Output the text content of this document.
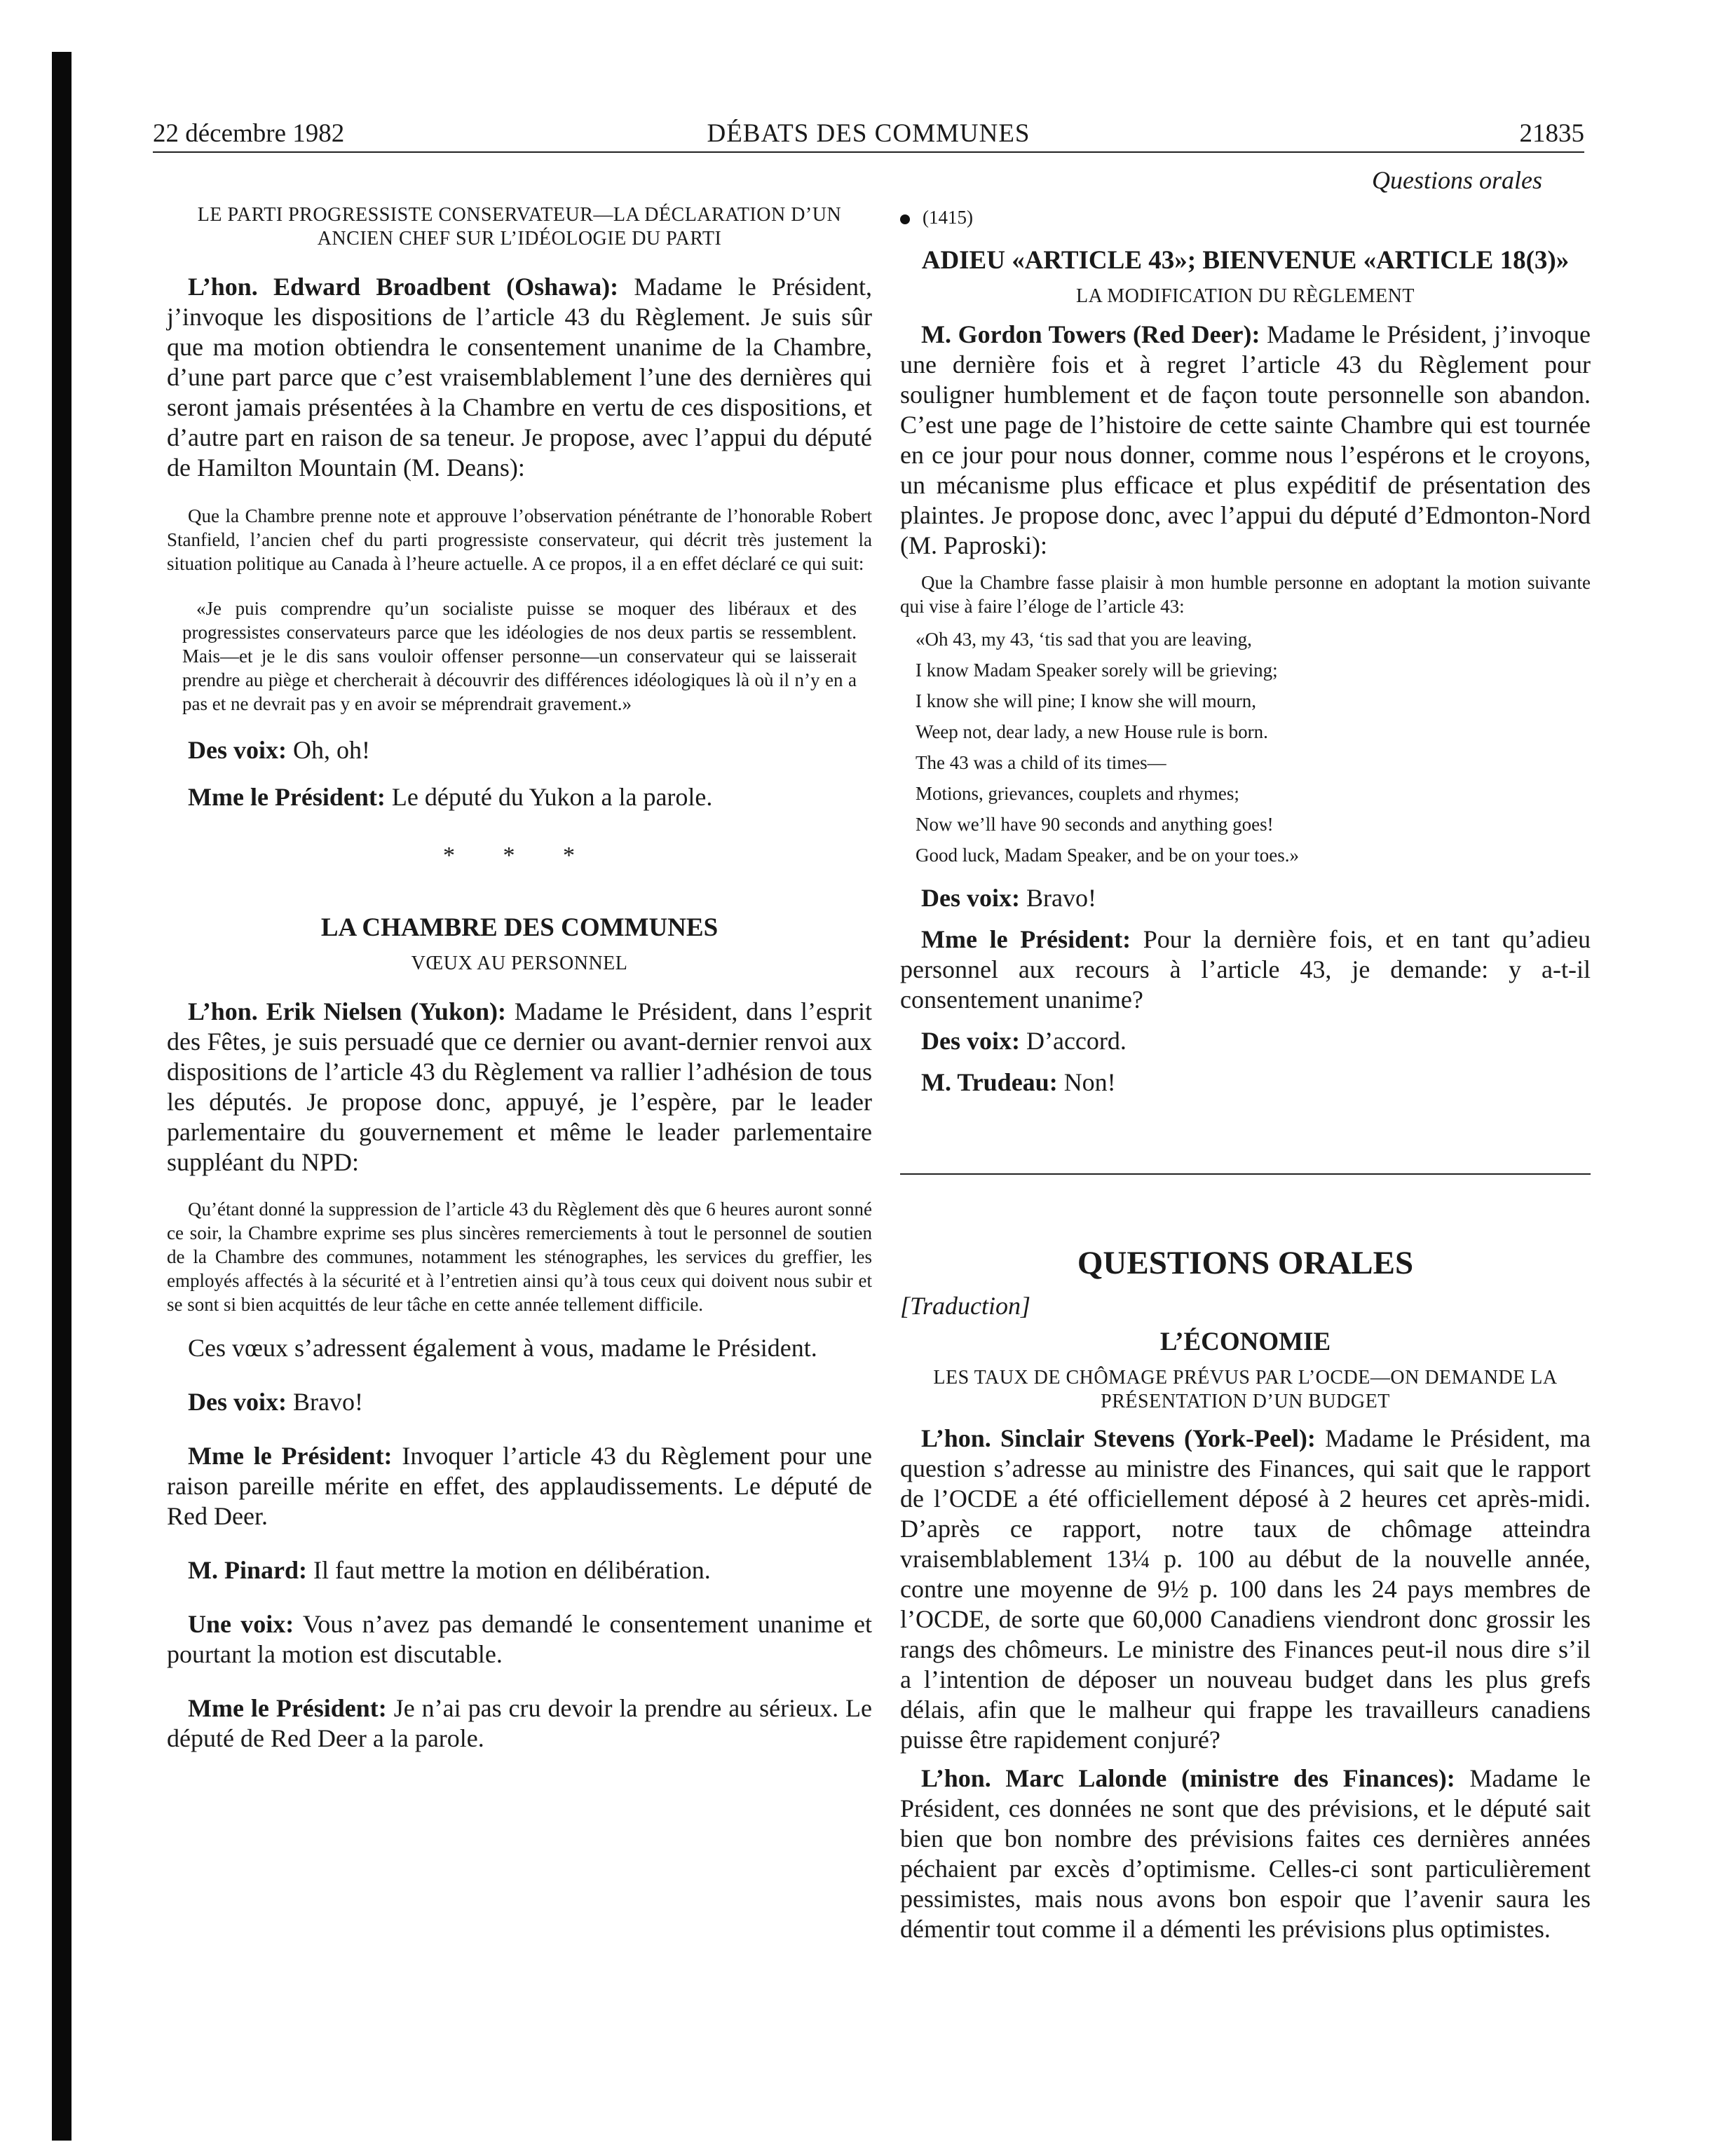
22 décembre 1982	DÉBATS DES COMMUNES	21835
Questions orales

LE PARTI PROGRESSISTE CONSERVATEUR—LA DÉCLARATION D’UN ANCIEN CHEF SUR L’IDÉOLOGIE DU PARTI

L’hon. Edward Broadbent (Oshawa): Madame le Président, j’invoque les dispositions de l’article 43 du Règlement. Je suis sûr que ma motion obtiendra le consentement unanime de la Chambre, d’une part parce que c’est vraisemblablement l’une des dernières qui seront jamais présentées à la Chambre en vertu de ces dispositions, et d’autre part en raison de sa teneur. Je propose, avec l’appui du député de Hamilton Mountain (M. Deans):

Que la Chambre prenne note et approuve l’observation pénétrante de l’honorable Robert Stanfield, l’ancien chef du parti progressiste conservateur, qui décrit très justement la situation politique au Canada à l’heure actuelle. A ce propos, il a en effet déclaré ce qui suit:

«Je puis comprendre qu’un socialiste puisse se moquer des libéraux et des progressistes conservateurs parce que les idéologies de nos deux partis se ressemblent. Mais—et je le dis sans vouloir offenser personne—un conservateur qui se laisserait prendre au piège et chercherait à découvrir des différences idéologiques là où il n’y en a pas et ne devrait pas y en avoir se méprendrait gravement.»

Des voix: Oh, oh!

Mme le Président: Le député du Yukon a la parole.

* * *

LA CHAMBRE DES COMMUNES

VŒUX AU PERSONNEL

L’hon. Erik Nielsen (Yukon): Madame le Président, dans l’esprit des Fêtes, je suis persuadé que ce dernier ou avant-dernier renvoi aux dispositions de l’article 43 du Règlement va rallier l’adhésion de tous les députés. Je propose donc, appuyé, je l’espère, par le leader parlementaire du gouvernement et même le leader parlementaire suppléant du NPD:

Qu’étant donné la suppression de l’article 43 du Règlement dès que 6 heures auront sonné ce soir, la Chambre exprime ses plus sincères remerciements à tout le personnel de soutien de la Chambre des communes, notamment les sténographes, les services du greffier, les employés affectés à la sécurité et à l’entretien ainsi qu’à tous ceux qui doivent nous subir et se sont si bien acquittés de leur tâche en cette année tellement difficile.

Ces vœux s’adressent également à vous, madame le Président.

Des voix: Bravo!

Mme le Président: Invoquer l’article 43 du Règlement pour une raison pareille mérite en effet, des applaudissements. Le député de Red Deer.

M. Pinard: Il faut mettre la motion en délibération.

Une voix: Vous n’avez pas demandé le consentement unanime et pourtant la motion est discutable.

Mme le Président: Je n’ai pas cru devoir la prendre au sérieux. Le député de Red Deer a la parole.

(1415)

ADIEU «ARTICLE 43»; BIENVENUE «ARTICLE 18(3)»

LA MODIFICATION DU RÈGLEMENT

M. Gordon Towers (Red Deer): Madame le Président, j’invoque une dernière fois et à regret l’article 43 du Règlement pour souligner humblement et de façon toute personnelle son abandon. C’est une page de l’histoire de cette sainte Chambre qui est tournée en ce jour pour nous donner, comme nous l’espérons et le croyons, un mécanisme plus efficace et plus expéditif de présentation des plaintes. Je propose donc, avec l’appui du député d’Edmonton-Nord (M. Paproski):

Que la Chambre fasse plaisir à mon humble personne en adoptant la motion suivante qui vise à faire l’éloge de l’article 43:

«Oh 43, my 43, ‘tis sad that you are leaving,
I know Madam Speaker sorely will be grieving;
I know she will pine; I know she will mourn,
Weep not, dear lady, a new House rule is born.
The 43 was a child of its times—
Motions, grievances, couplets and rhymes;
Now we’ll have 90 seconds and anything goes!
Good luck, Madam Speaker, and be on your toes.»

Des voix: Bravo!

Mme le Président: Pour la dernière fois, et en tant qu’adieu personnel aux recours à l’article 43, je demande: y a-t-il consentement unanime?

Des voix: D’accord.

M. Trudeau: Non!

QUESTIONS ORALES

[Traduction]

L’ÉCONOMIE

LES TAUX DE CHÔMAGE PRÉVUS PAR L’OCDE—ON DEMANDE LA PRÉSENTATION D’UN BUDGET

L’hon. Sinclair Stevens (York-Peel): Madame le Président, ma question s’adresse au ministre des Finances, qui sait que le rapport de l’OCDE a été officiellement déposé à 2 heures cet après-midi. D’après ce rapport, notre taux de chômage atteindra vraisemblablement 13¼ p. 100 au début de la nouvelle année, contre une moyenne de 9½ p. 100 dans les 24 pays membres de l’OCDE, de sorte que 60,000 Canadiens viendront donc grossir les rangs des chômeurs. Le ministre des Finances peut-il nous dire s’il a l’intention de déposer un nouveau budget dans les plus grefs délais, afin que le malheur qui frappe les travailleurs canadiens puisse être rapidement conjuré?

L’hon. Marc Lalonde (ministre des Finances): Madame le Président, ces données ne sont que des prévisions, et le député sait bien que bon nombre des prévisions faites ces dernières années péchaient par excès d’optimisme. Celles-ci sont particulièrement pessimistes, mais nous avons bon espoir que l’avenir saura les démentir tout comme il a démenti les prévisions plus optimistes.
